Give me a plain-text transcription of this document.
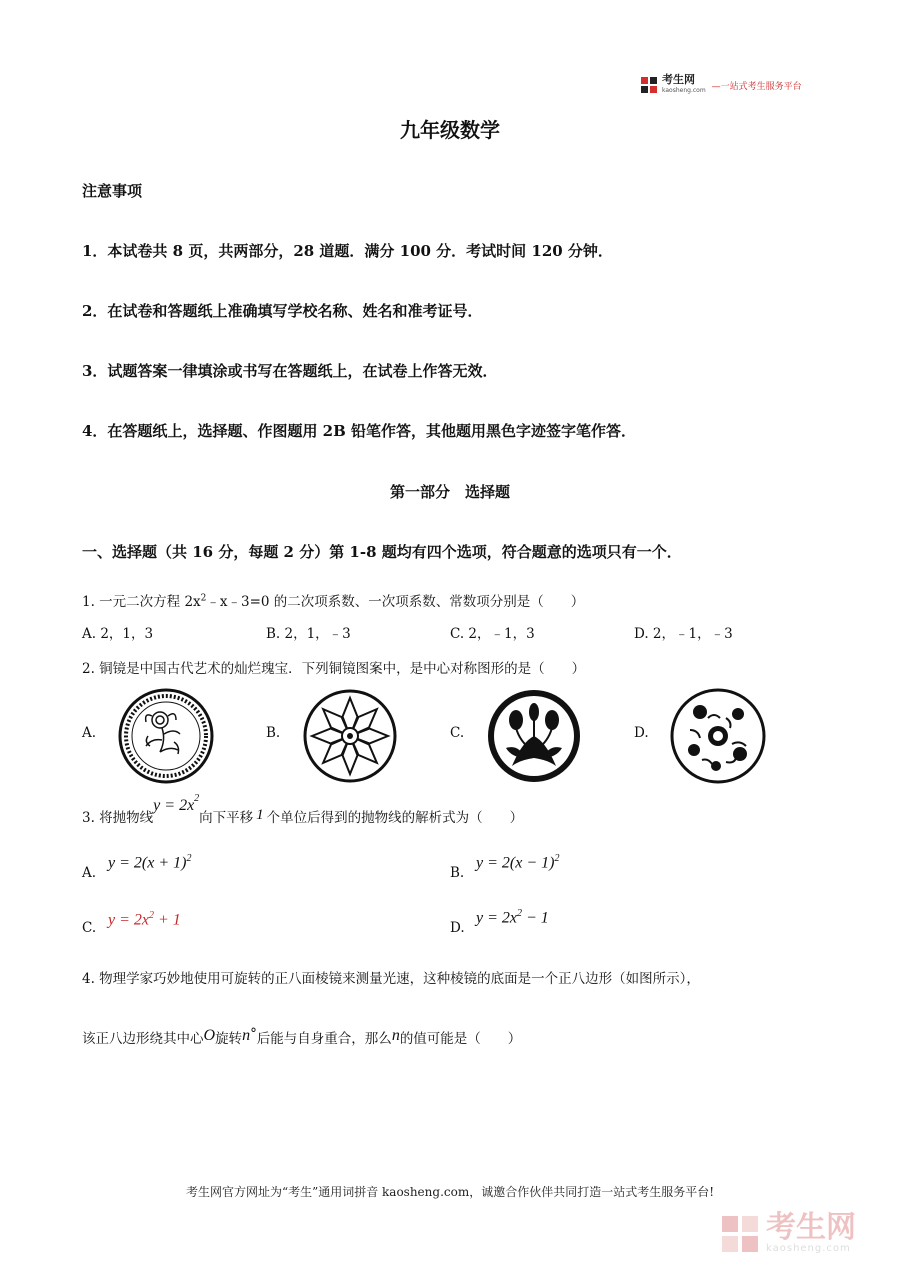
考生网
kaosheng.com —一站式考生服务平台
九年级数学
注意事项
1．本试卷共 8 页，共两部分，28 道题．满分 100 分．考试时间 120 分钟．
2．在试卷和答题纸上准确填写学校名称、姓名和准考证号．
3．试题答案一律填涂或书写在答题纸上，在试卷上作答无效．
4．在答题纸上，选择题、作图题用 2B 铅笔作答，其他题用黑色字迹签字笔作答．
第一部分　选择题
一、选择题（共 16 分，每题 2 分）第 1-8 题均有四个选项，符合题意的选项只有一个．
1. 一元二次方程 $2x^2﹣x﹣3=0$ 的二次项系数、一次项系数、常数项分别是（　　）
A. 2，1，3	B. 2，1，﹣3	C. 2，﹣1，3	D. 2，﹣1，﹣3
2. 铜镜是中国古代艺术的灿烂瑰宝．下列铜镜图案中，是中心对称图形的是（　　）
A.	B.	C.	D.
3. 将抛物线$y = 2x^2$向下平移 1 个单位后得到的抛物线的解析式为（　　）
A.
$y = 2(x + 1)^2$
B.
$y = 2(x - 1)^2$
C. $y = 2x^2 + 1$	D.
$y = 2x^2 - 1$
4. 物理学家巧妙地使用可旋转的正八面棱镜来测量光速，这种棱镜的底面是一个正八边形（如图所示），
该正八边形绕其中心O旋转n°后能与自身重合，那么n的值可能是（　　）
考生网官方网址为“考生”通用词拼音 kaosheng.com，诚邀合作伙伴共同打造一站式考生服务平台!
考生网
kaosheng.com
